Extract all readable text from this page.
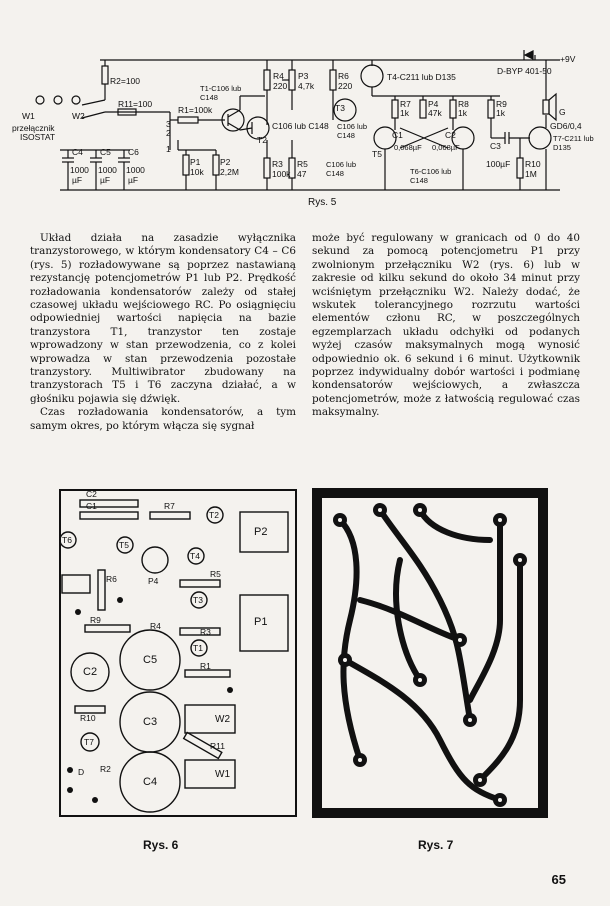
R2=100
T1-C106 lub C148
R4
220
P3
4,7k
R6
220
T4-C211 lub D135
D-BYP 401-50
+9V
R11=100
R1=100k
C106 lub C148
T2
T3
C106 lub C148
R7
1k
P4
47k
R8
1k
R9
1k	G
GD6/0,4
T7-C211 lub D135
W1	W2
przełącznik
ISOSTAT
C4 C5 C6
1000 1000 1000
µF µF µF
P1
10k
P2
2,2M
R3
100k
R5
47
T5
C106 lub C148
C1	C2
0,068µF 0,068µF
T6-C106 lub C148
C3
100µF R10
1M
3
2
1
Rys. 5

Układ działa na zasadzie wyłącznika tranzystorowego, w którym kondensatory C4 – C6 (rys. 5) rozładowywane są poprzez nastawianą rezystancję potencjometrów P1 lub P2. Prędkość rozładowania kondensatorów zależy od stałej czasowej układu wejściowego RC. Po osiągnięciu odpowiedniej wartości napięcia na bazie tranzystora T1, tranzystor ten zostaje wprowadzony w stan przewodzenia, co z kolei wprowadza w stan przewodzenia pozostałe tranzystory. Multiwibrator zbudowany na tranzystorach T5 i T6 zaczyna działać, a w głośniku pojawia się dźwięk.

Czas rozładowania kondensatorów, a tym samym okres, po którym włącza się sygnał

może być regulowany w granicach od 0 do 40 sekund za pomocą potencjometru P1 przy zwolnionym przełączniku W2 (rys. 6) lub w zakresie od kilku sekund do około 34 minut przy wciśniętym przełączniku W2. Należy dodać, że wskutek tolerancyjnego rozrzutu wartości elementów członu RC, w poszczególnych egzemplarzach układu odchyłki od podanych wyżej czasów maksymalnych mogą wynosić odpowiednio ok. 6 sekund i 6 minut. Użytkownik poprzez indywidualny dobór wartości i podmianę kondensatorów wejściowych, a zwłaszcza potencjometrów, może z łatwością regulować czas maksymalny.

C2
C1	R7
T2
T6	T5
T4
T3
P2
P1
R5
R6	P4
R9
R4
R3
T1
R1
C5
C2
C3
C4
R10
T7
R2
R11
W2
W1
D
Rys. 6	Rys. 7
65
